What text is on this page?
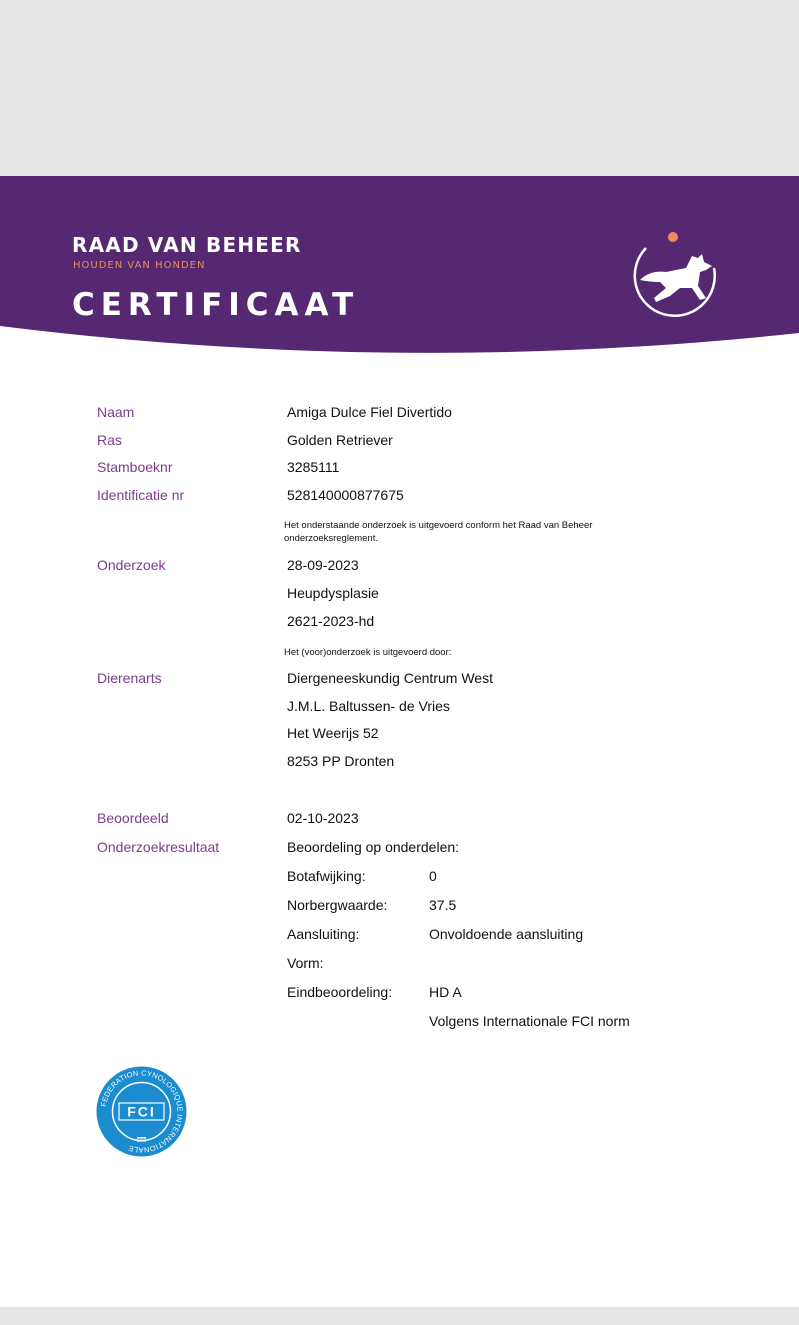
RAAD VAN BEHEER
HOUDEN VAN HONDEN
CERTIFICAAT
Naam	Amiga Dulce Fiel Divertido
Ras	Golden Retriever
Stamboeknr	3285111
Identificatie nr	528140000877675
Het onderstaande onderzoek is uitgevoerd conform het Raad van Beheer onderzoeksreglement.
Onderzoek	28-09-2023
Heupdysplasie
2621-2023-hd
Het (voor)onderzoek is uitgevoerd door:
Dierenarts	Diergeneeskundig Centrum West
J.M.L. Baltussen- de Vries
Het Weerijs 52
8253 PP Dronten
Beoordeeld	02-10-2023
Onderzoekresultaat	Beoordeling op onderdelen:
Botafwijking:	0
Norbergwaarde:	37.5
Aansluiting:	Onvoldoende aansluiting
Vorm:
Eindbeoordeling:	HD A
Volgens Internationale FCI norm
FEDERATION CYNOLOGIQUE INTERNATIONALE
FCI
